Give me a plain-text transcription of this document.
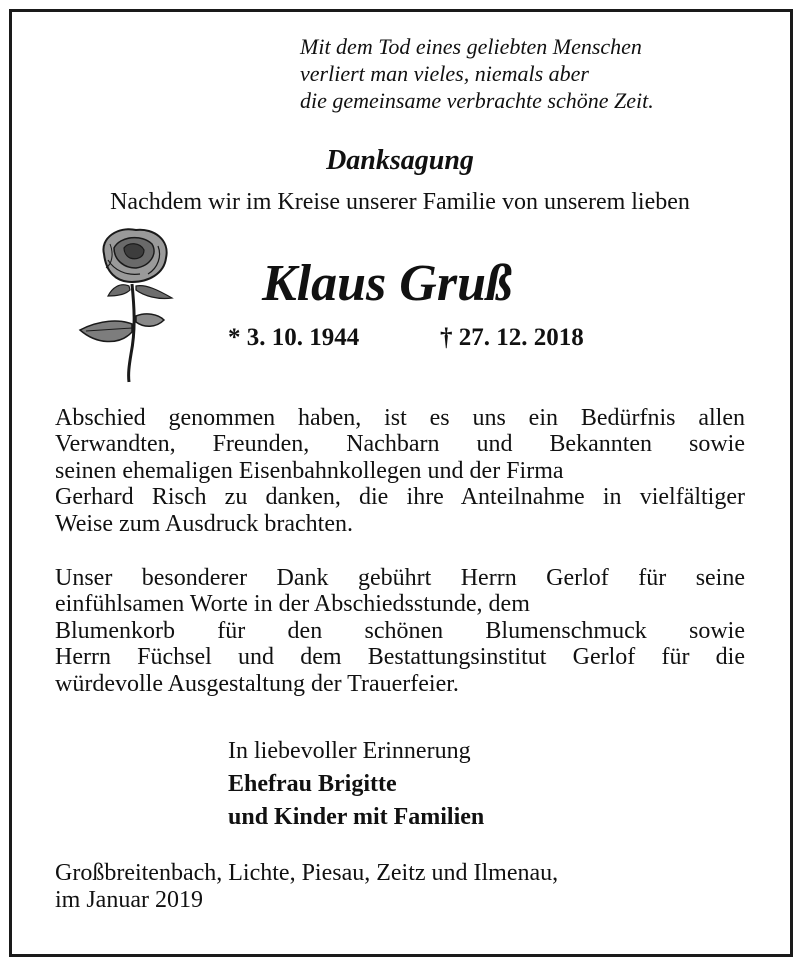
Mit dem Tod eines geliebten Menschen
verliert man vieles, niemals aber
die gemeinsame verbrachte schöne Zeit.
Danksagung
Nachdem wir im Kreise unserer Familie von unserem lieben
Klaus Gruß
* 3. 10. 1944	† 27. 12. 2018
Abschied genommen haben, ist es uns ein Bedürfnis allen
Verwandten, Freunden, Nachbarn und Bekannten sowie
seinen ehemaligen Eisenbahnkollegen und der Firma
Gerhard Risch zu danken, die ihre Anteilnahme in vielfältiger
Weise zum Ausdruck brachten.
Unser besonderer Dank gebührt Herrn Gerlof für seine
einfühlsamen Worte in der Abschiedsstunde, dem
Blumenkorb für den schönen Blumenschmuck sowie
Herrn Füchsel und dem Bestattungsinstitut Gerlof für die
würdevolle Ausgestaltung der Trauerfeier.
In liebevoller Erinnerung
Ehefrau Brigitte
und Kinder mit Familien
Großbreitenbach, Lichte, Piesau, Zeitz und Ilmenau,
im Januar 2019
